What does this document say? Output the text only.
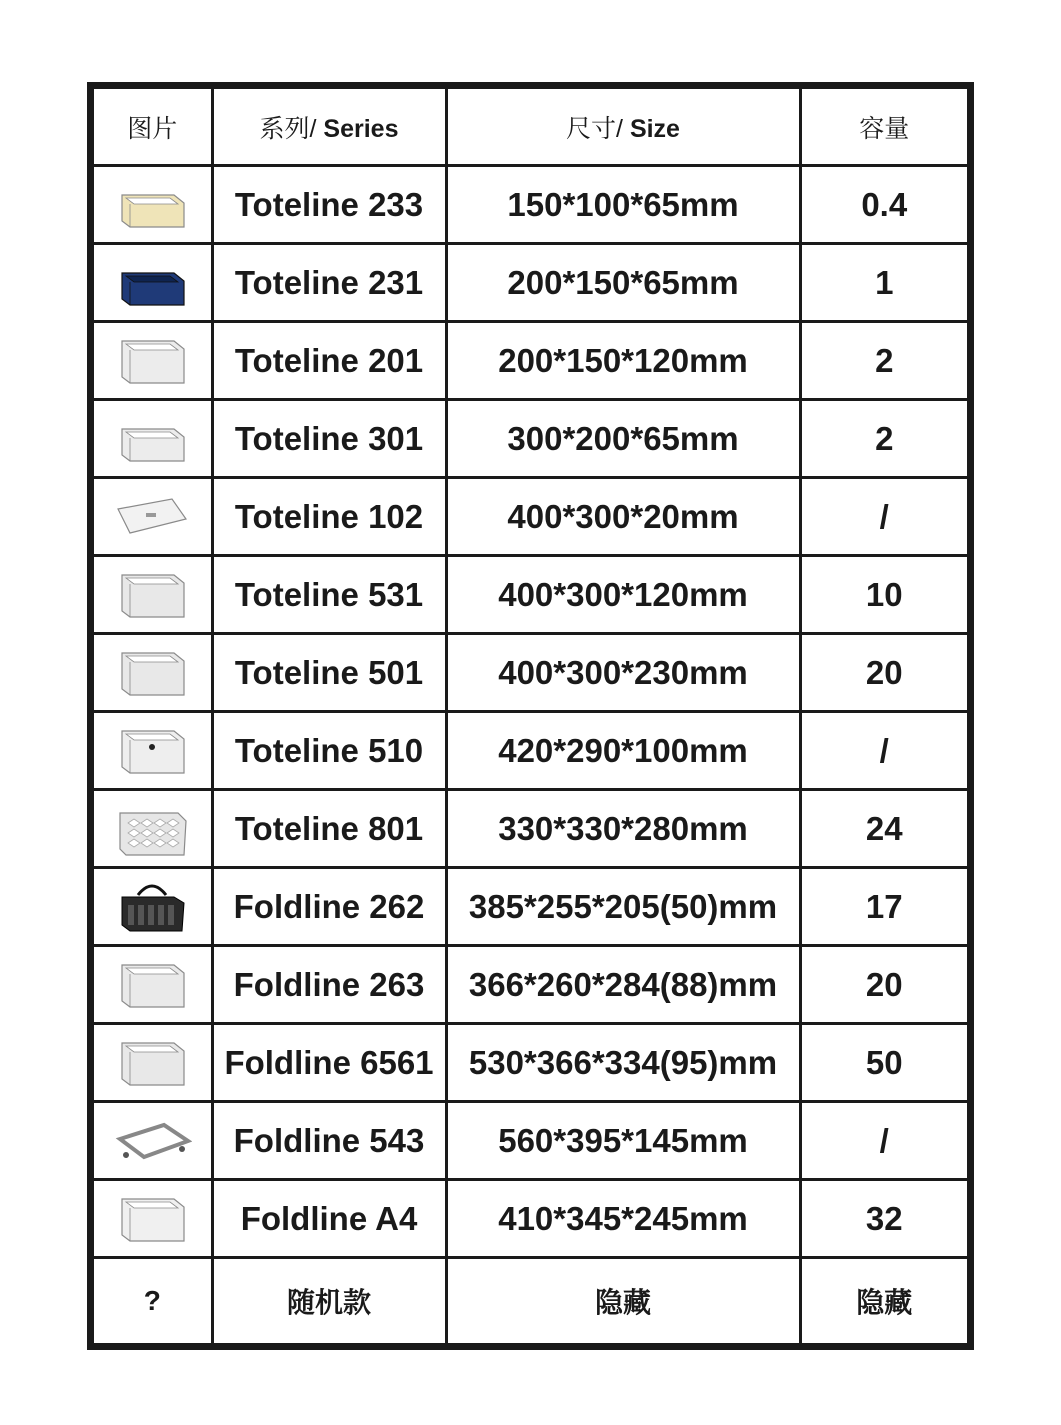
图片	系列/ Series	尺寸/ Size	容量

	Toteline 233	150*100*65mm	0.4

	Toteline 231	200*150*65mm	1

	Toteline 201	200*150*120mm	2

	Toteline 301	300*200*65mm	2

	Toteline 102	400*300*20mm	/

	Toteline 531	400*300*120mm	10

	Toteline 501	400*300*230mm	20

	Toteline 510	420*290*100mm	/

	Toteline 801	330*330*280mm	24

	Foldline 262	385*255*205(50)mm	17

	Foldline 263	366*260*284(88)mm	20

	Foldline 6561	530*366*334(95)mm	50

	Foldline 543	560*395*145mm	/

	Foldline A4	410*345*245mm	32
?	随机款	隐藏	隐藏
